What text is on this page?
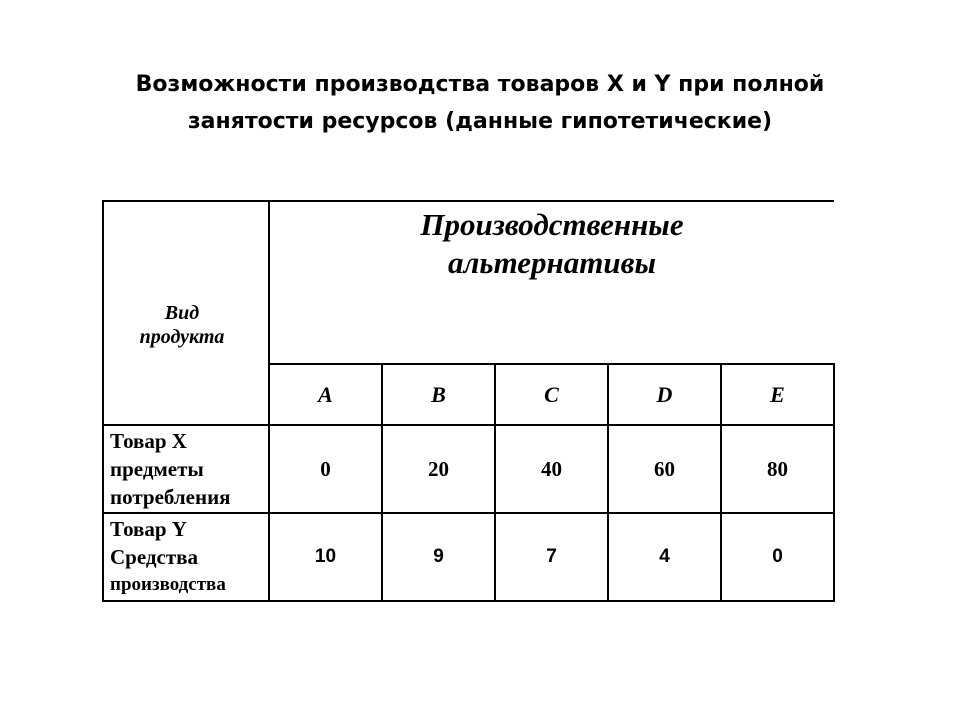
Возможности производства товаров X и Y при полной
занятости ресурсов (данные гипотетические)
Вид
продукта	Производственные
альтернативы				

	A	B	C	D	E

Товар X
предметы
потребления	0	20	40	60	80

Товар Y
Средства
производства	10	9	7	4	0
